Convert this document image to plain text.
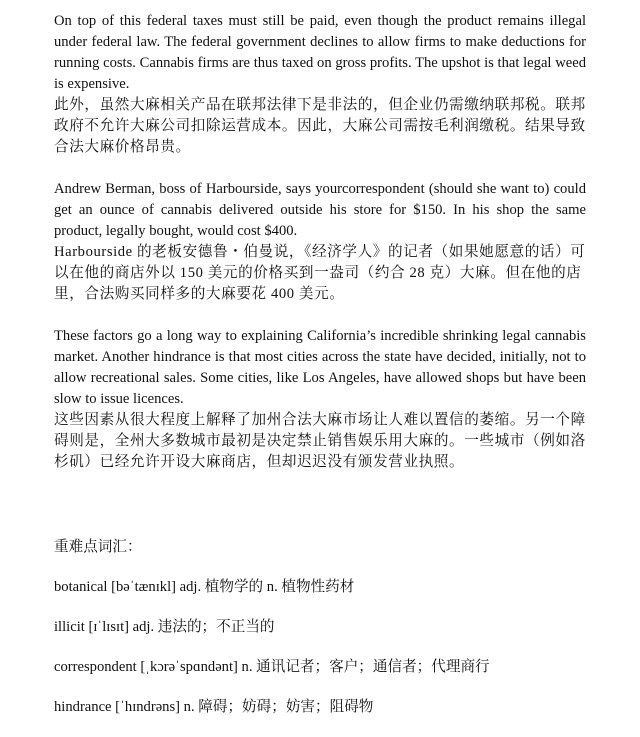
On top of this federal taxes must still be paid, even though the product remains illegal under federal law. The federal government declines to allow firms to make deductions for running costs. Cannabis firms are thus taxed on gross profits. The upshot is that legal weed is expensive.

此外，虽然大麻相关产品在联邦法律下是非法的，但企业仍需缴纳联邦税。联邦政府不允许大麻公司扣除运营成本。因此，大麻公司需按毛利润缴税。结果导致合法大麻价格昂贵。

Andrew Berman, boss of Harbourside, says yourcorrespondent (should she want to) could get an ounce of cannabis delivered outside his store for $150. In his shop the same product, legally bought, would cost $400.

Harbourside 的老板安德鲁・伯曼说，《经济学人》的记者（如果她愿意的话）可以在他的商店外以 150 美元的价格买到一盎司（约合 28 克）大麻。但在他的店里，合法购买同样多的大麻要花 400 美元。

These factors go a long way to explaining California’s incredible shrinking legal cannabis market. Another hindrance is that most cities across the state have decided, initially, not to allow recreational sales. Some cities, like Los Angeles, have allowed shops but have been slow to issue licences.

这些因素从很大程度上解释了加州合法大麻市场让人难以置信的萎缩。另一个障碍则是，全州大多数城市最初是决定禁止销售娱乐用大麻的。一些城市（例如洛杉矶）已经允许开设大麻商店，但却迟迟没有颁发营业执照。

重难点词汇：
botanical [bəˈtænɪkl] adj. 植物学的 n. 植物性药材
illicit [ɪˈlɪsɪt] adj. 违法的；不正当的
correspondent [ˌkɔrəˈspɑndənt] n. 通讯记者；客户；通信者；代理商行
hindrance [ˈhɪndrəns] n. 障碍；妨碍；妨害；阻碍物
